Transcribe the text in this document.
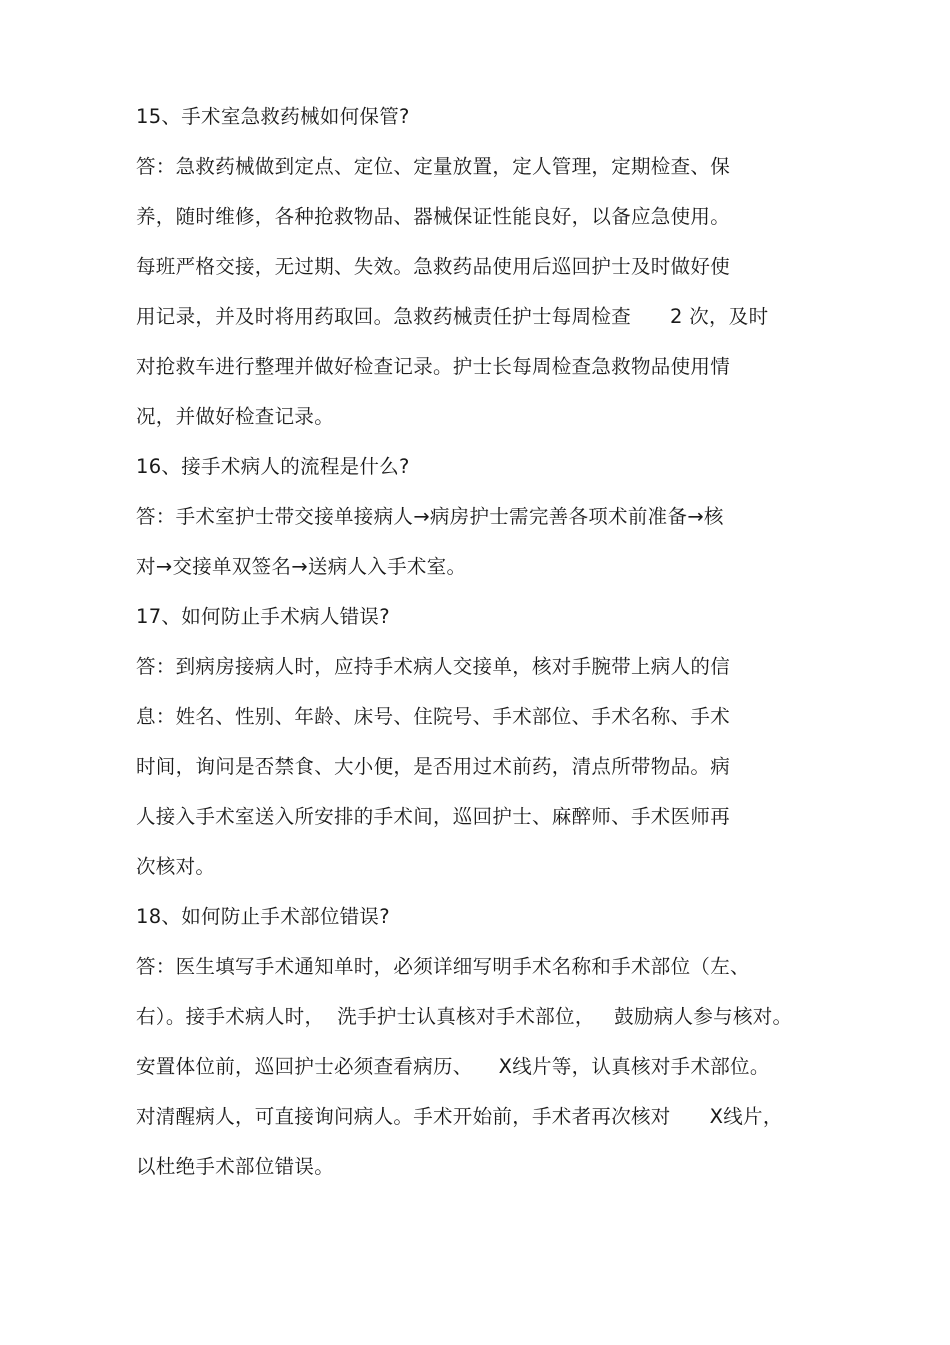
15、手术室急救药械如何保管?
答：急救药械做到定点、定位、定量放置，定人管理，定期检查、保
养，随时维修，各种抢救物品、器械保证性能良好，以备应急使用。
每班严格交接，无过期、失效。急救药品使用后巡回护士及时做好使
用记录，并及时将用药取回。急救药械责任护士每周检查      2 次，及时
对抢救车进行整理并做好检查记录。护士长每周检查急救物品使用情
况，并做好检查记录。
16、接手术病人的流程是什么?
答：手术室护士带交接单接病人→病房护士需完善各项术前准备→核
对→交接单双签名→送病人入手术室。
17、如何防止手术病人错误?
答：到病房接病人时，应持手术病人交接单，核对手腕带上病人的信
息：姓名、性别、年龄、床号、住院号、手术部位、手术名称、手术
时间，询问是否禁食、大小便，是否用过术前药，清点所带物品。病
人接入手术室送入所安排的手术间，巡回护士、麻醉师、手术医师再
次核对。
18、如何防止手术部位错误?
答：医生填写手术通知单时，必须详细写明手术名称和手术部位（左、
右）。接手术病人时，  洗手护士认真核对手术部位，   鼓励病人参与核对。
安置体位前，巡回护士必须查看病历、    X线片等，认真核对手术部位。
对清醒病人，可直接询问病人。手术开始前，手术者再次核对      X线片，
以杜绝手术部位错误。
